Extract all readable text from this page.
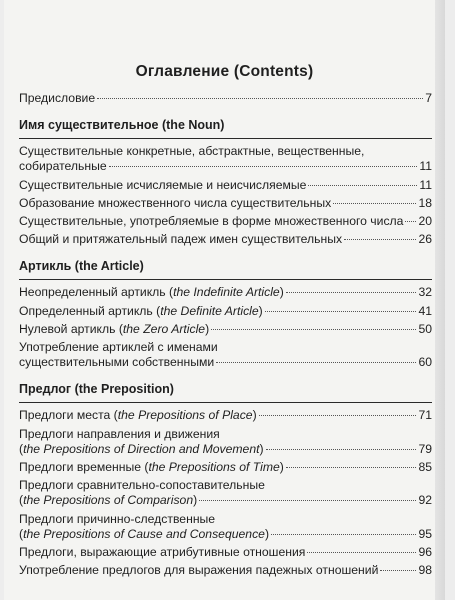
Оглавление (Contents)
Предисловие	7
Имя существительное (the Noun)
Существительные конкретные, абстрактные, вещественные,
собирательные	11
Существительные исчисляемые и неисчисляемые	11
Образование множественного числа существительных	18
Существительные, употребляемые в форме множественного числа 20
Общий и притяжательный падеж имен существительных	26
Артикль (the Article)
Неопределенный артикль (the Indefinite Article)	32
Определенный артикль (the Definite Article)	41
Нулевой артикль (the Zero Article)	50
Употребление артиклей с именами
существительными собственными	60
Предлог (the Preposition)
Предлоги места (the Prepositions of Place)	71
Предлоги направления и движения
(the Prepositions of Direction and Movement)	79
Предлоги временные (the Prepositions of Time)	85
Предлоги сравнительно-сопоставительные
(the Prepositions of Comparison)	92
Предлоги причинно-следственные
(the Prepositions of Cause and Consequence)	95
Предлоги, выражающие атрибутивные отношения	96
Употребление предлогов для выражения падежных отношений	98
